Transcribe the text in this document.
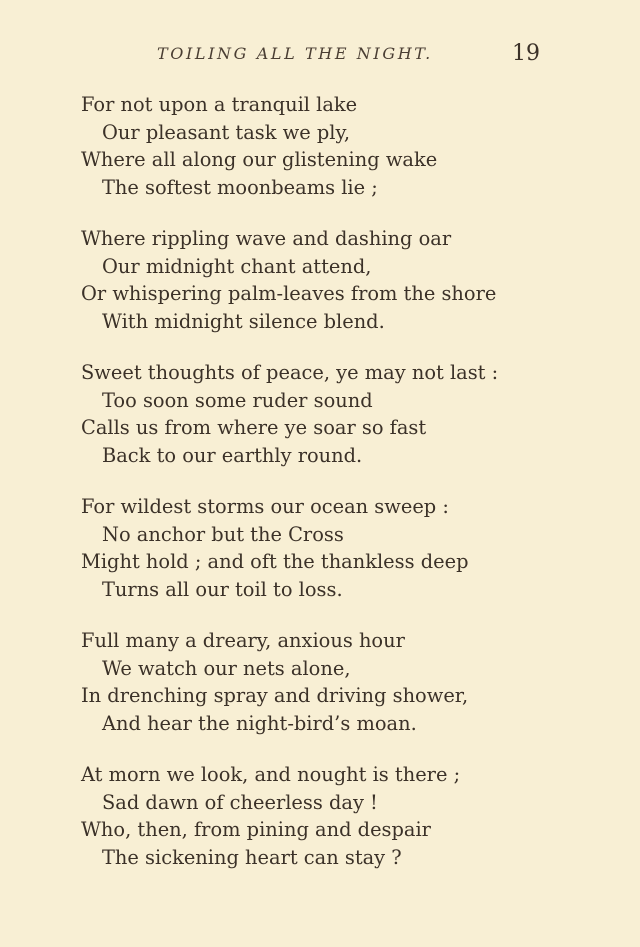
TOILING ALL THE NIGHT.	19
For not upon a tranquil lake
Our pleasant task we ply,
Where all along our glistening wake
The softest moonbeams lie ;
Where rippling wave and dashing oar
Our midnight chant attend,
Or whispering palm-leaves from the shore
With midnight silence blend.
Sweet thoughts of peace, ye may not last :
Too soon some ruder sound
Calls us from where ye soar so fast
Back to our earthly round.
For wildest storms our ocean sweep :
No anchor but the Cross
Might hold ; and oft the thankless deep
Turns all our toil to loss.
Full many a dreary, anxious hour
We watch our nets alone,
In drenching spray and driving shower,
And hear the night-bird’s moan.
At morn we look, and nought is there ;
Sad dawn of cheerless day !
Who, then, from pining and despair
The sickening heart can stay ?
